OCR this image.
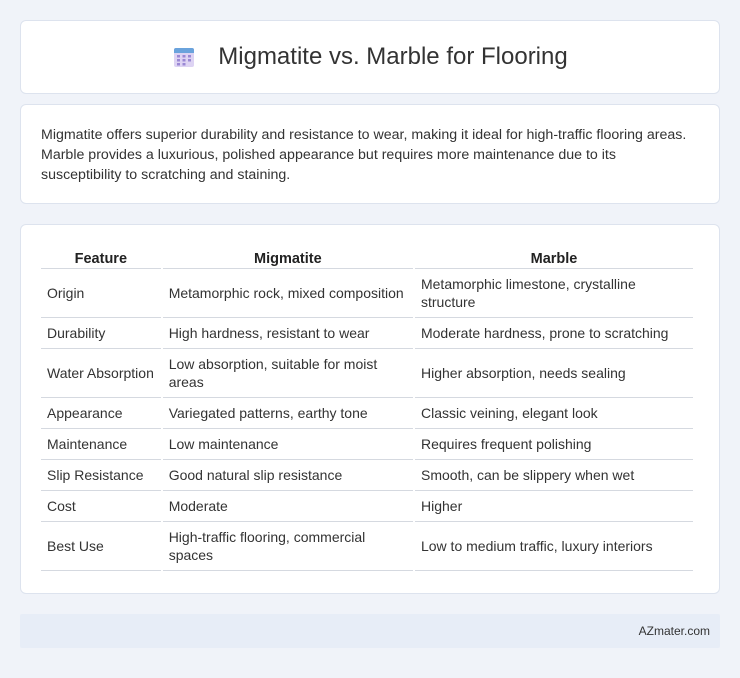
Migmatite vs. Marble for Flooring

Migmatite offers superior durability and resistance to wear, making it ideal for high-traffic flooring areas. Marble provides a luxurious, polished appearance but requires more maintenance due to its susceptibility to scratching and staining.

Feature	Migmatite	Marble
Origin	Metamorphic rock, mixed composition	Metamorphic limestone, crystalline structure
Durability	High hardness, resistant to wear	Moderate hardness, prone to scratching
Water Absorption	Low absorption, suitable for moist areas	Higher absorption, needs sealing
Appearance	Variegated patterns, earthy tone	Classic veining, elegant look
Maintenance	Low maintenance	Requires frequent polishing
Slip Resistance	Good natural slip resistance	Smooth, can be slippery when wet
Cost	Moderate	Higher
Best Use	High-traffic flooring, commercial spaces	Low to medium traffic, luxury interiors
AZmater.com
